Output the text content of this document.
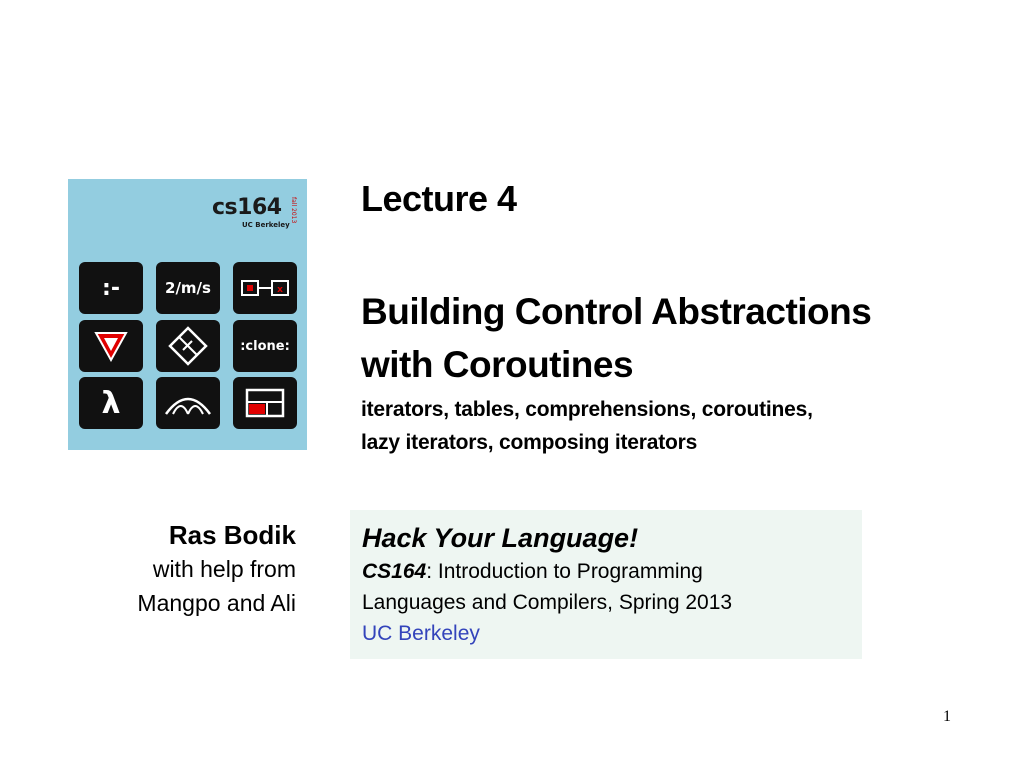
cs164 fall 2013
UC Berkeley
:-	2/m/s	x
:clone:
λ
Lecture 4
Building Control Abstractions
with Coroutines
iterators, tables, comprehensions, coroutines,
lazy iterators, composing iterators
Ras Bodik
with help from
Mangpo and Ali
Hack Your Language!
CS164: Introduction to Programming
Languages and Compilers, Spring 2013
UC Berkeley
1
